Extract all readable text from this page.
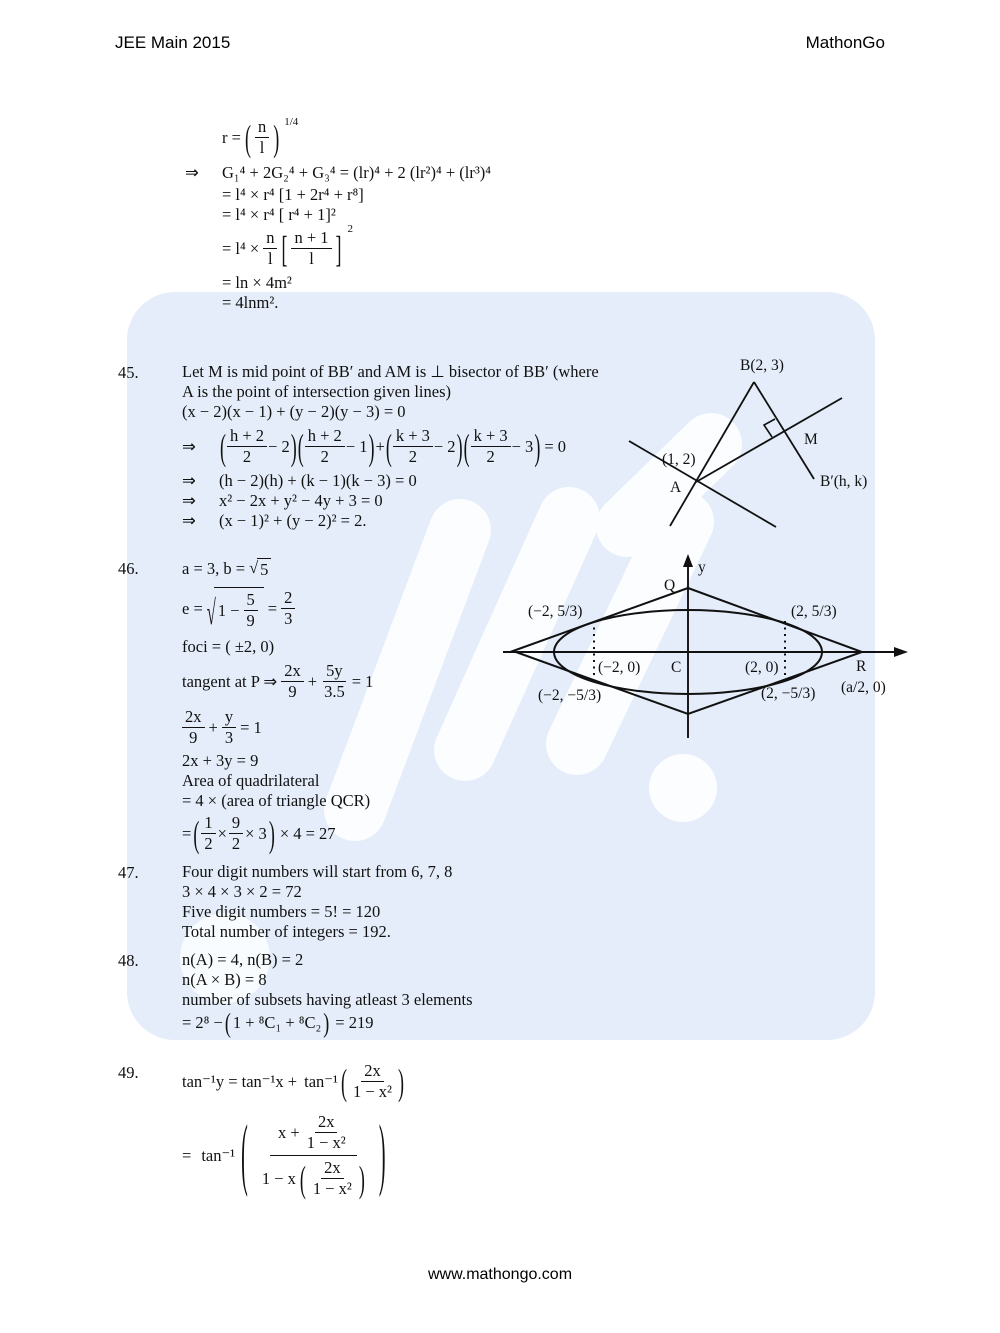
JEE Main 2015	MathonGo
r = ( $\frac{n}{l}$ ) 1/4
⇒	G₁⁴ + 2G₂⁴ + G₃⁴ = (lr)⁴ + 2 (lr²)⁴ + (lr³)⁴
= l⁴ × r⁴ [1 + 2r⁴ + r⁸]
= l⁴ × r⁴ [ r⁴ + 1]²
= $l^4 \times \frac{n}{l}$ [ $\frac{n + 1}{l}$ ] 2
= ln × 4m²
= 4lnm².
45.	Let M is mid point of BB′ and AM is ⊥ bisector of BB′ (where
A is the point of intersection given lines)
(x − 2)(x − 1) + (y − 2)(y − 3) = 0
⇒	( $\frac{h + 2}{2} - 2$ ) ( $\frac{h + 2}{2} - 1$ ) + ( $\frac{k + 3}{2} - 2$ ) ( $\frac{k + 3}{2} - 3$ ) = 0
⇒	(h − 2)(h) + (k − 1)(k − 3) = 0
⇒	x² − 2x + y² − 4y + 3 = 0
⇒	(x − 1)² + (y − 2)² = 2.
B(2, 3)
M
(1, 2)
A	B′(h, k)
46.	a = 3, b = √ 5
e = √ $1 - \frac{5}{9} = \frac{2}{3}$
foci = ( ±2, 0)
tangent at P ⇒ $\frac{2x}{9} + \frac{5y}{3.5} = 1$
$\frac{2x}{9} + \frac{y}{3} = 1$
2x + 3y = 9
Area of quadrilateral
= 4 × (area of triangle QCR)
= ( $\frac{1}{2} \times \frac{9}{2} \times 3$ ) × 4 = 27
y
Q
(−2, 5/3)	(2, 5/3)
(−2, 0) C	(2, 0)	R
(a/2, 0)
(−2, −5/3)	(2, −5/3)
47.	Four digit numbers will start from 6, 7, 8
3 × 4 × 3 × 2 = 72
Five digit numbers = 5! = 120
Total number of integers = 192.
48.	n(A) = 4, n(B) = 2
n(A × B) = 8
number of subsets having atleast 3 elements
= 2⁸ − ( 1 + ⁸C₁ + ⁸C₂ ) = 219
49.	tan⁻¹y = tan⁻¹x + tan⁻¹ ( $\frac{2x}{\text{1 − x²}}$ )
= tan⁻¹ ( $\frac{x + \frac{2x}{\text{1 − x²}}}{1 - x ( \frac{2x}{\text{1 − x²}} )}$ )
www.mathongo.com
